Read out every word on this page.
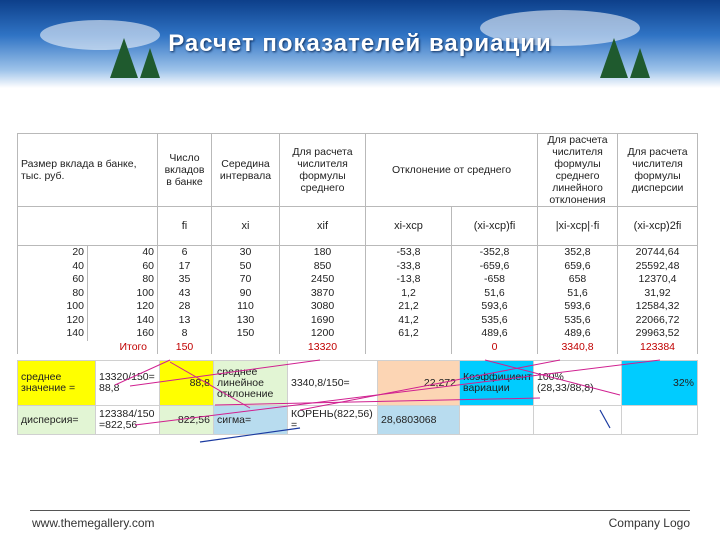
Расчет показателей вариации
Размер вклада в банке, тыс. руб.		Число вкладов в банке	Середина интервала	Для расчета числителя формулы среднего	Отклонение от среднего		Для расчета числителя формулы среднего линейного отклонения	Для расчета числителя формулы дисперсии
		fi	xi	xif	xi-xср	(xi-xср)fi	|xi-xср|·fi	(xi-xср)2fi
20	40	6	30	180	-53,8	-352,8	352,8	20744,64
40	60	17	50	850	-33,8	-659,6	659,6	25592,48
60	80	35	70	2450	-13,8	-658	658	12370,4
80	100	43	90	3870	1,2	51,6	51,6	31,92
100	120	28	110	3080	21,2	593,6	593,6	12584,32
120	140	13	130	1690	41,2	535,6	535,6	22066,72
140	160	8	150	1200	61,2	489,6	489,6	29963,52
Итого		150		13320		0	3340,8	123384
среднее значение =	13320/150= 88,8	88,8	среднее линейное отклонение	3340,8/150=	22,272	Коэффициент вариации	100%(28,33/88,8)	32%
дисперсия=	123384/150 =822,56	822,56	сигма=	КОРЕНЬ(822,56) =	28,6803068			
www.themegallery.com	Company Logo
